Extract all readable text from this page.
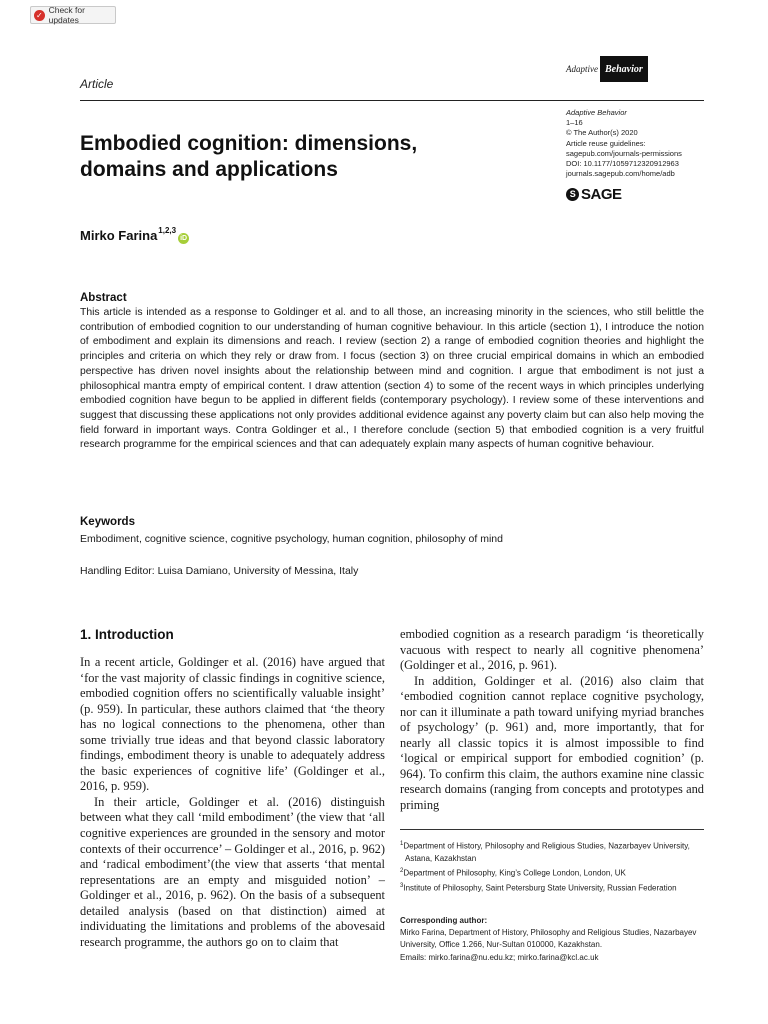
✓ Check for updates
Adaptive Behavior
Article
Embodied cognition: dimensions, domains and applications
Adaptive Behavior
1–16
© The Author(s) 2020
Article reuse guidelines:
sagepub.com/journals-permissions
DOI: 10.1177/1059712320912963
journals.sagepub.com/home/adb
S SAGE
Mirko Farina$^{1,2,3}$
iD
Abstract
This article is intended as a response to Goldinger et al. and to all those, an increasing minority in the sciences, who still belittle the contribution of embodied cognition to our understanding of human cognitive behaviour. In this article (section 1), I introduce the notion of embodiment and explain its dimensions and reach. I review (section 2) a range of embodied cognition theories and highlight the principles and criteria on which they rely or draw from. I focus (section 3) on three crucial empirical domains in which an embodied perspective has driven novel insights about the relationship between mind and cognition. I argue that embodiment is not just a philosophical mantra empty of empirical content. I draw attention (section 4) to some of the recent ways in which principles underlying embodied cognition have begun to be applied in different fields (contemporary psychology). I review some of these interventions and suggest that discussing these applications not only provides additional evidence against any poverty claim but can also help moving the field forward in important ways. Contra Goldinger et al., I therefore conclude (section 5) that embodied cognition is a very fruitful research programme for the empirical sciences and that can adequately explain many aspects of human cognitive behaviour.
Keywords
Embodiment, cognitive science, cognitive psychology, human cognition, philosophy of mind
Handling Editor: Luisa Damiano, University of Messina, Italy
1. Introduction

In a recent article, Goldinger et al. (2016) have argued that ‘for the vast majority of classic findings in cognitive science, embodied cognition offers no scientifically valuable insight’ (p. 959). In particular, these authors claimed that ‘the theory has no logical connections to the phenomena, other than some trivially true ideas and that beyond classic laboratory findings, embodiment theory is unable to adequately address the basic experiences of cognitive life’ (Goldinger et al., 2016, p. 959).

In their article, Goldinger et al. (2016) distinguish between what they call ‘mild embodiment’ (the view that ‘all cognitive experiences are grounded in the sensory and motor contexts of their occurrence’ – Goldinger et al., 2016, p. 962) and ‘radical embodiment’(the view that asserts ‘that mental representations are an empty and misguided notion’ – Goldinger et al., 2016, p. 962). On the basis of a subsequent detailed analysis (based on that distinction) aimed at individuating the limitations and problems of the abovesaid research programme, the authors go on to claim that

embodied cognition as a research paradigm ‘is theoretically vacuous with respect to nearly all cognitive phenomena’ (Goldinger et al., 2016, p. 961).

In addition, Goldinger et al. (2016) also claim that ‘embodied cognition cannot replace cognitive psychology, nor can it illuminate a path toward unifying myriad branches of psychology’ (p. 961) and, more importantly, that for nearly all classic topics it is almost impossible to find ‘logical or empirical support for embodied cognition’ (p. 964). To confirm this claim, the authors examine nine classic research domains (ranging from concepts and prototypes and priming

$^1$Department of History, Philosophy and Religious Studies, Nazarbayev University, Astana, Kazakhstan
$^2$Department of Philosophy, King’s College London, London, UK
$^3$Institute of Philosophy, Saint Petersburg State University, Russian Federation
Corresponding author:
Mirko Farina, Department of History, Philosophy and Religious Studies, Nazarbayev University, Office 1.266, Nur-Sultan 010000, Kazakhstan.
Emails: mirko.farina@nu.edu.kz; mirko.farina@kcl.ac.uk
